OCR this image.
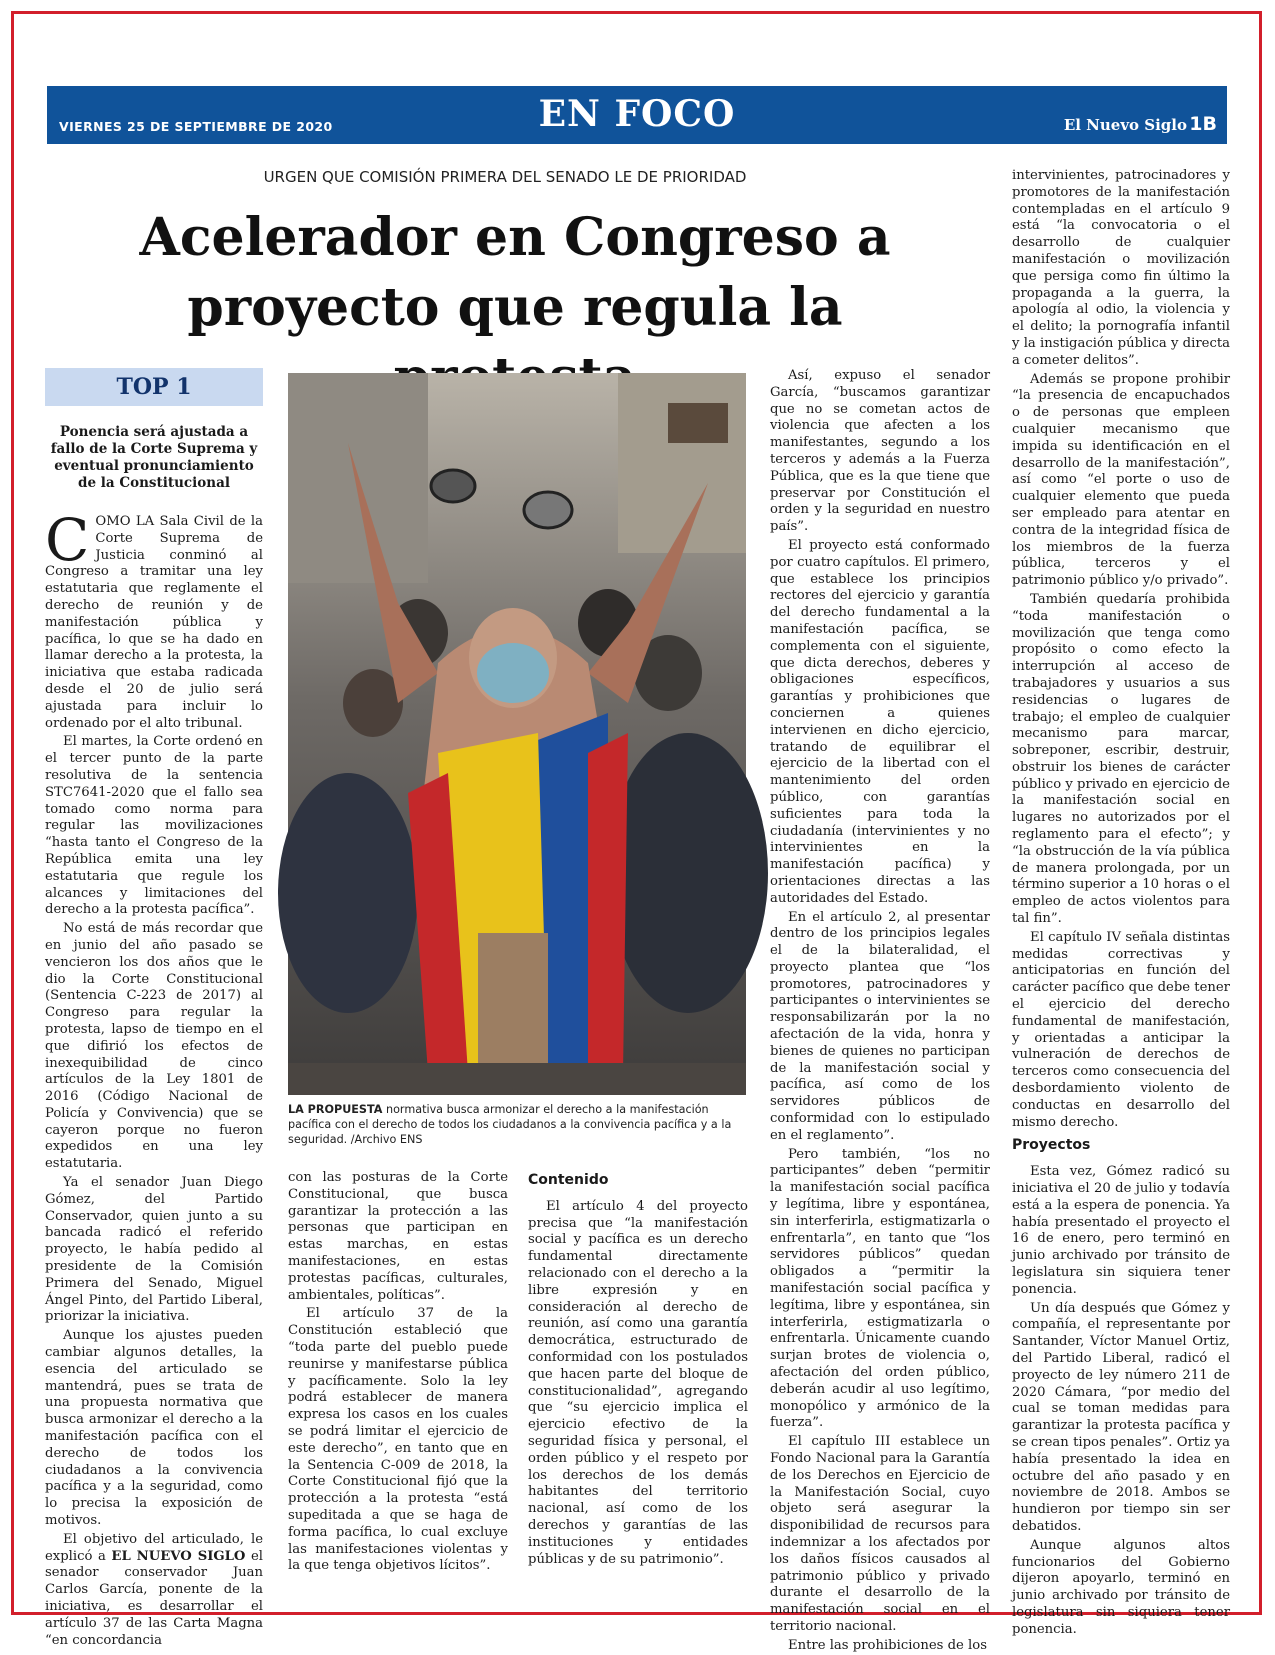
VIERNES 25 DE SEPTIEMBRE DE 2020	EN FOCO	El Nuevo Siglo 1B
URGEN QUE COMISIÓN PRIMERA DEL SENADO LE DE PRIORIDAD
Acelerador en Congreso a proyecto que regula la
TOP 1
Ponencia será ajustada a fallo de la Corte Suprema y eventual pronunciamiento de la Constitucional

COMO LA Sala Civil de la Corte Suprema de Justicia conminó al Congreso a tramitar una ley estatutaria que reglamente el derecho de reunión y de manifestación pública y pacífica, lo que se ha dado en llamar derecho a la protesta, la iniciativa que estaba radicada desde el 20 de julio será ajustada para incluir lo ordenado por el alto tribunal.

El martes, la Corte ordenó en el tercer punto de la parte resolutiva de la sentencia STC7641-2020 que el fallo sea tomado como norma para regular las movilizaciones “hasta tanto el Congreso de la República emita una ley estatutaria que regule los alcances y limitaciones del derecho a la protesta pacífica”.

No está de más recordar que en junio del año pasado se vencieron los dos años que le dio la Corte Constitucional (Sentencia C-223 de 2017) al Congreso para regular la protesta, lapso de tiempo en el que difirió los efectos de inexequibilidad de cinco artículos de la Ley 1801 de 2016 (Código Nacional de Policía y Convivencia) que se cayeron porque no fueron expedidos en una ley estatutaria.

Ya el senador Juan Diego Gómez, del Partido Conservador, quien junto a su bancada radicó el referido proyecto, le había pedido al presidente de la Comisión Primera del Senado, Miguel Ángel Pinto, del Partido Liberal, priorizar la iniciativa.

Aunque los ajustes pueden cambiar algunos detalles, la esencia del articulado se mantendrá, pues se trata de una propuesta normativa que busca armonizar el derecho a la manifestación pacífica con el derecho de todos los ciudadanos a la convivencia pacífica y a la seguridad, como lo precisa la exposición de motivos.

El objetivo del articulado, le explicó a EL NUEVO SIGLO el senador conservador Juan Carlos García, ponente de la iniciativa, es desarrollar el artículo 37 de las Carta Magna “en concordancia

LA PROPUESTA normativa busca armonizar el derecho a la manifestación pacífica con el derecho de todos los ciudadanos a la convivencia pacífica y a la seguridad. /Archivo ENS

con las posturas de la Corte Constitucional, que busca garantizar la protección a las personas que participan en estas marchas, en estas manifestaciones, en estas protestas pacíficas, culturales, ambientales, políticas”.

El artículo 37 de la Constitución estableció que “toda parte del pueblo puede reunirse y manifestarse pública y pacíficamente. Solo la ley podrá establecer de manera expresa los casos en los cuales se podrá limitar el ejercicio de este derecho”, en tanto que en la Sentencia C-009 de 2018, la Corte Constitucional fijó que la protección a la protesta “está supeditada a que se haga de forma pacífica, lo cual excluye las manifestaciones violentas y la que tenga objetivos lícitos”.

Contenido

El artículo 4 del proyecto precisa que “la manifestación social y pacífica es un derecho fundamental directamente relacionado con el derecho a la libre expresión y en consideración al derecho de reunión, así como una garantía democrática, estructurado de conformidad con los postulados que hacen parte del bloque de constitucionalidad”, agregando que “su ejercicio implica el ejercicio efectivo de la seguridad física y personal, el orden público y el respeto por los derechos de los demás habitantes del territorio nacional, así como de los derechos y garantías de las instituciones y entidades públicas y de su patrimonio”.

Así, expuso el senador García, “buscamos garantizar que no se cometan actos de violencia que afecten a los manifestantes, segundo a los terceros y además a la Fuerza Pública, que es la que tiene que preservar por Constitución el orden y la seguridad en nuestro país”.

El proyecto está conformado por cuatro capítulos. El primero, que establece los principios rectores del ejercicio y garantía del derecho fundamental a la manifestación pacífica, se complementa con el siguiente, que dicta derechos, deberes y obligaciones específicos, garantías y prohibiciones que conciernen a quienes intervienen en dicho ejercicio, tratando de equilibrar el ejercicio de la libertad con el mantenimiento del orden público, con garantías suficientes para toda la ciudadanía (intervinientes y no intervinientes en la manifestación pacífica) y orientaciones directas a las autoridades del Estado.

En el artículo 2, al presentar dentro de los principios legales el de la bilateralidad, el proyecto plantea que “los promotores, patrocinadores y participantes o intervinientes se responsabilizarán por la no afectación de la vida, honra y bienes de quienes no participan de la manifestación social y pacífica, así como de los servidores públicos de conformidad con lo estipulado en el reglamento”.

Pero también, “los no participantes” deben “permitir la manifestación social pacífica y legítima, libre y espontánea, sin interferirla, estigmatizarla o enfrentarla”, en tanto que “los servidores públicos” quedan obligados a “permitir la manifestación social pacífica y legítima, libre y espontánea, sin interferirla, estigmatizarla o enfrentarla. Únicamente cuando surjan brotes de violencia o, afectación del orden público, deberán acudir al uso legítimo, monopólico y armónico de la fuerza”.

El capítulo III establece un Fondo Nacional para la Garantía de los Derechos en Ejercicio de la Manifestación Social, cuyo objeto será asegurar la disponibilidad de recursos para indemnizar a los afectados por los daños físicos causados al patrimonio público y privado durante el desarrollo de la manifestación social en el territorio nacional.

Entre las prohibiciones de los

intervinientes, patrocinadores y promotores de la manifestación contempladas en el artículo 9 está “la convocatoria o el desarrollo de cualquier manifestación o movilización que persiga como fin último la propaganda a la guerra, la apología al odio, la violencia y el delito; la pornografía infantil y la instigación pública y directa a cometer delitos”.

Además se propone prohibir “la presencia de encapuchados o de personas que empleen cualquier mecanismo que impida su identificación en el desarrollo de la manifestación”, así como “el porte o uso de cualquier elemento que pueda ser empleado para atentar en contra de la integridad física de los miembros de la fuerza pública, terceros y el patrimonio público y/o privado”.

También quedaría prohibida “toda manifestación o movilización que tenga como propósito o como efecto la interrupción al acceso de trabajadores y usuarios a sus residencias o lugares de trabajo; el empleo de cualquier mecanismo para marcar, sobreponer, escribir, destruir, obstruir los bienes de carácter público y privado en ejercicio de la manifestación social en lugares no autorizados por el reglamento para el efecto”; y “la obstrucción de la vía pública de manera prolongada, por un término superior a 10 horas o el empleo de actos violentos para tal fin”.

El capítulo IV señala distintas medidas correctivas y anticipatorias en función del carácter pacífico que debe tener el ejercicio del derecho fundamental de manifestación, y orientadas a anticipar la vulneración de derechos de terceros como consecuencia del desbordamiento violento de conductas en desarrollo del mismo derecho.

Proyectos

Esta vez, Gómez radicó su iniciativa el 20 de julio y todavía está a la espera de ponencia. Ya había presentado el proyecto el 16 de enero, pero terminó en junio archivado por tránsito de legislatura sin siquiera tener ponencia.

Un día después que Gómez y compañía, el representante por Santander, Víctor Manuel Ortiz, del Partido Liberal, radicó el proyecto de ley número 211 de 2020 Cámara, “por medio del cual se toman medidas para garantizar la protesta pacífica y se crean tipos penales”. Ortiz ya había presentado la idea en octubre del año pasado y en noviembre de 2018. Ambos se hundieron por tiempo sin ser debatidos.

Aunque algunos altos funcionarios del Gobierno dijeron apoyarlo, terminó en junio archivado por tránsito de legislatura sin siquiera tener ponencia.
